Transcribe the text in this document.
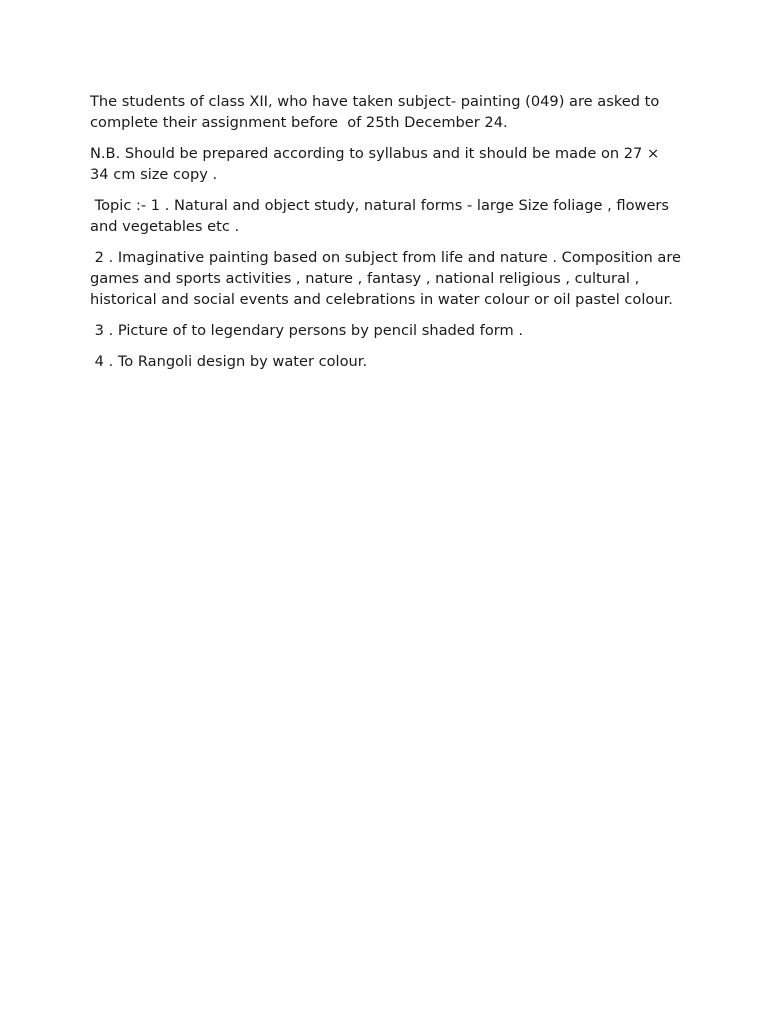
The students of class XII, who have taken subject- painting (049) are asked to complete their assignment before  of 25th December 24.

N.B. Should be prepared according to syllabus and it should be made on 27 × 34 cm size copy .

Topic :- 1 . Natural and object study, natural forms - large Size foliage , flowers and vegetables etc .

2 . Imaginative painting based on subject from life and nature . Composition are games and sports activities , nature , fantasy , national religious , cultural , historical and social events and celebrations in water colour or oil pastel colour.

3 . Picture of to legendary persons by pencil shaded form .

4 . To Rangoli design by water colour.
